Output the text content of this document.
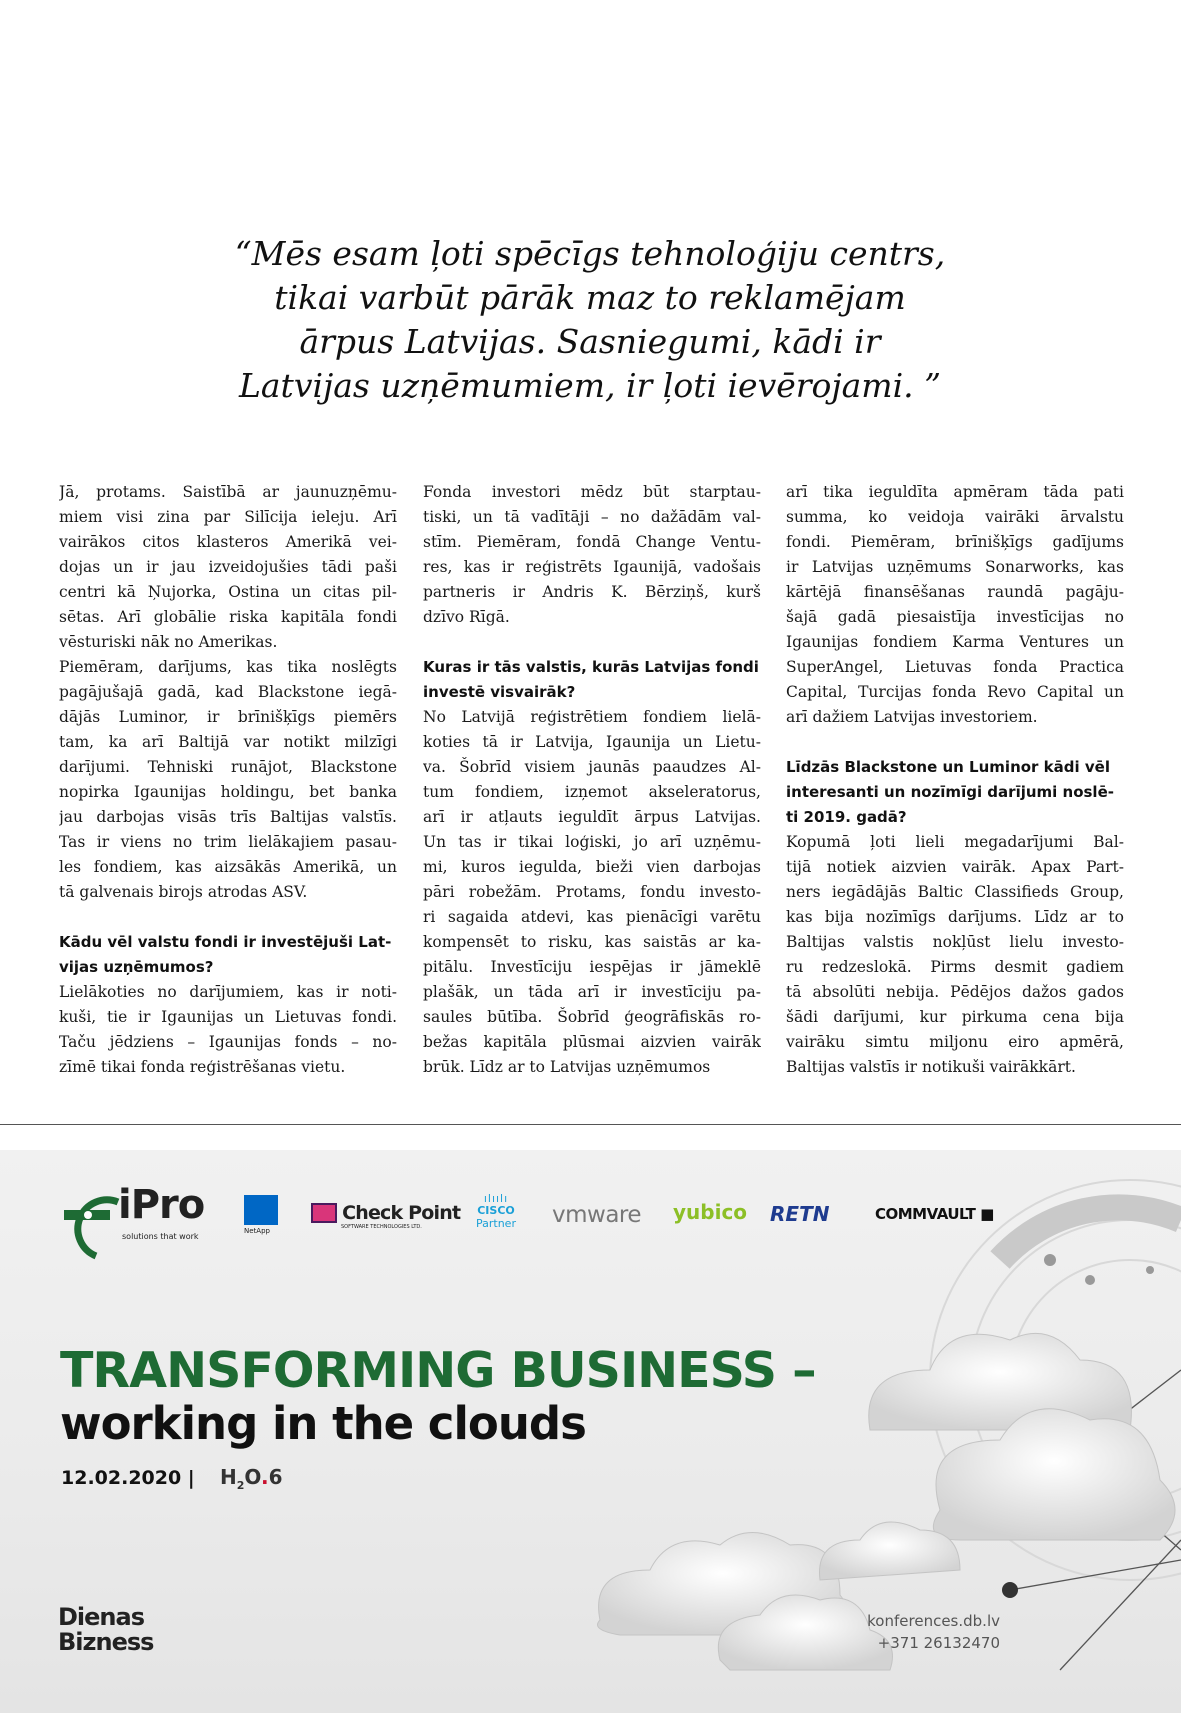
“Mēs esam ļoti spēcīgs tehnoloģiju centrs,
tikai varbūt pārāk maz to reklamējam
ārpus Latvijas. Sasniegumi, kādi ir
Latvijas uzņēmumiem, ir ļoti ievērojami. ”
Jā, protams. Saistībā ar jaunuzņēmu-
miem visi zina par Silīcija ieleju. Arī
vairākos citos klasteros Amerikā vei-
dojas un ir jau izveidojušies tādi paši
centri kā Ņujorka, Ostina un citas pil-
sētas. Arī globālie riska kapitāla fondi
vēsturiski nāk no Amerikas.
Piemēram, darījums, kas tika noslēgts
pagājušajā gadā, kad Blackstone iegā-
dājās Luminor, ir brīnišķīgs piemērs
tam, ka arī Baltijā var notikt milzīgi
darījumi. Tehniski runājot, Blackstone
nopirka Igaunijas holdingu, bet banka
jau darbojas visās trīs Baltijas valstīs.
Tas ir viens no trim lielākajiem pasau-
les fondiem, kas aizsākās Amerikā, un
tā galvenais birojs atrodas ASV.
Kādu vēl valstu fondi ir investējuši Lat-
vijas uzņēmumos?
Lielākoties no darījumiem, kas ir noti-
kuši, tie ir Igaunijas un Lietuvas fondi.
Taču jēdziens – Igaunijas fonds – no-
zīmē tikai fonda reģistrēšanas vietu.
Fonda investori mēdz būt starptau-
tiski, un tā vadītāji – no dažādām val-
stīm. Piemēram, fondā Change Ventu-
res, kas ir reģistrēts Igaunijā, vadošais
partneris ir Andris K. Bērziņš, kurš
dzīvo Rīgā.
Kuras ir tās valstis, kurās Latvijas fondi
investē visvairāk?
No Latvijā reģistrētiem fondiem lielā-
koties tā ir Latvija, Igaunija un Lietu-
va. Šobrīd visiem jaunās paaudzes Al-
tum fondiem, izņemot akseleratorus,
arī ir atļauts ieguldīt ārpus Latvijas.
Un tas ir tikai loģiski, jo arī uzņēmu-
mi, kuros iegulda, bieži vien darbojas
pāri robežām. Protams, fondu investo-
ri sagaida atdevi, kas pienācīgi varētu
kompensēt to risku, kas saistās ar ka-
pitālu. Investīciju iespējas ir jāmeklē
plašāk, un tāda arī ir investīciju pa-
saules būtība. Šobrīd ģeogrāfiskās ro-
bežas kapitāla plūsmai aizvien vairāk
brūk. Līdz ar to Latvijas uzņēmumos
arī tika ieguldīta apmēram tāda pati
summa, ko veidoja vairāki ārvalstu
fondi. Piemēram, brīnišķīgs gadījums
ir Latvijas uzņēmums Sonarworks, kas
kārtējā finansēšanas raundā pagāju-
šajā gadā piesaistīja investīcijas no
Igaunijas fondiem Karma Ventures un
SuperAngel, Lietuvas fonda Practica
Capital, Turcijas fonda Revo Capital un
arī dažiem Latvijas investoriem.
Līdzās Blackstone un Luminor kādi vēl
interesanti un nozīmīgi darījumi noslē-
ti 2019. gadā?
Kopumā ļoti lieli megadarījumi Bal-
tijā notiek aizvien vairāk. Apax Part-
ners iegādājās Baltic Classifieds Group,
kas bija nozīmīgs darījums. Līdz ar to
Baltijas valstis nokļūst lielu investo-
ru redzeslokā. Pirms desmit gadiem
tā absolūti nebija. Pēdējos dažos gados
šādi darījumi, kur pirkuma cena bija
vairāku simtu miljonu eiro apmērā,
Baltijas valstīs ir notikuši vairākkārt.
iPro
solutions that work
NetApp
Check Point
SOFTWARE TECHNOLOGIES LTD.
ılıılı
CISCO
Partner	vmware yubico RETN	COMMVAULT ■
TRANSFORMING BUSINESS –
working in the clouds
12.02.2020 | $H_2O.6$
Dienas
Bizness
konferences.db.lv
+371 26132470
